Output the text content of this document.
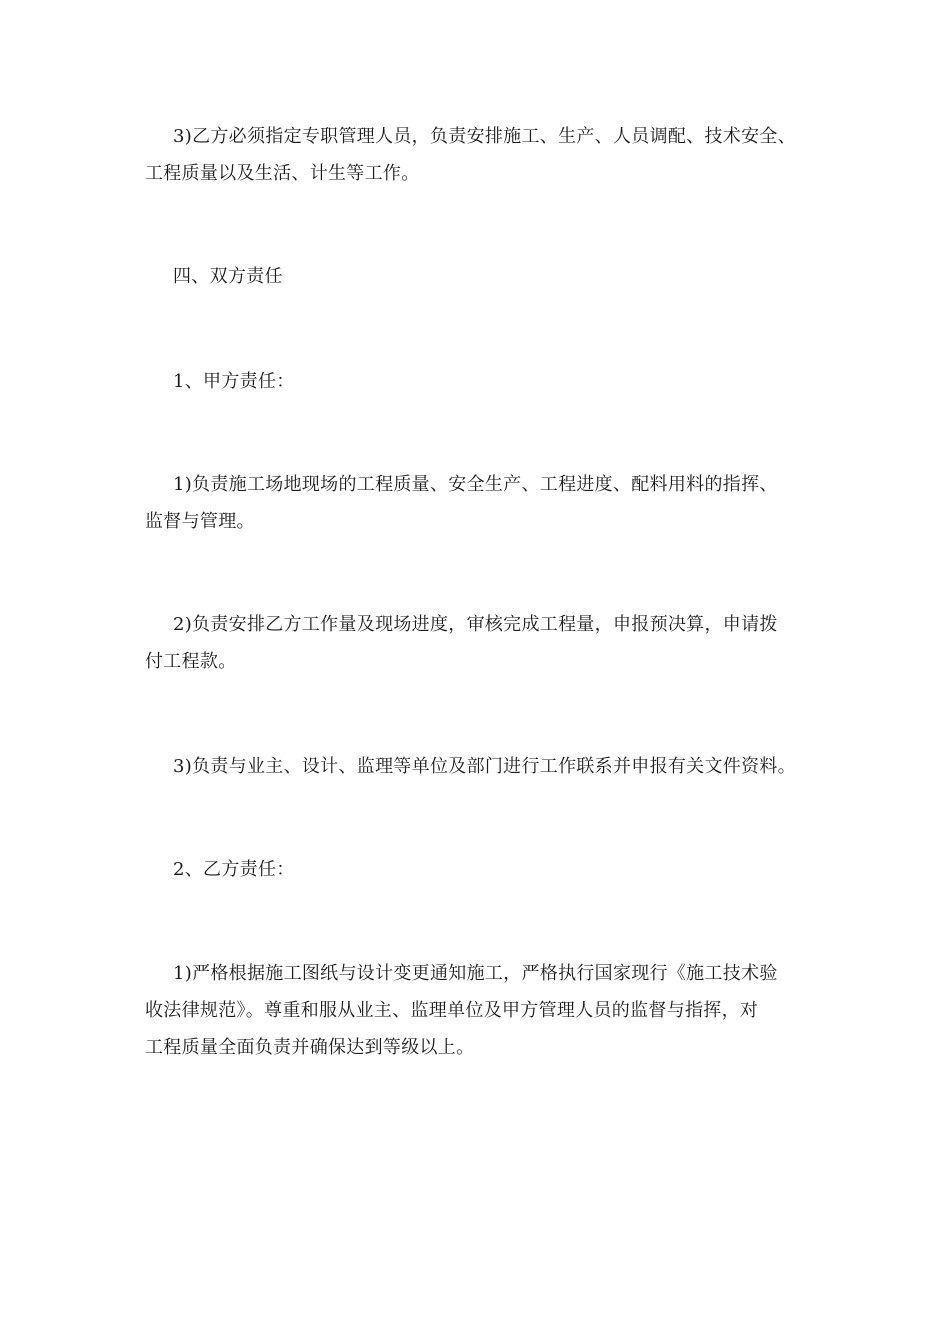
3)乙方必须指定专职管理人员，负责安排施工、生产、人员调配、技术安全、
工程质量以及生活、计生等工作。

四、双方责任

1、甲方责任：

1)负责施工场地现场的工程质量、安全生产、工程进度、配料用料的指挥、
监督与管理。

2)负责安排乙方工作量及现场进度，审核完成工程量，申报预决算，申请拨
付工程款。

3)负责与业主、设计、监理等单位及部门进行工作联系并申报有关文件资料。

2、乙方责任：

1)严格根据施工图纸与设计变更通知施工，严格执行国家现行《施工技术验
收法律规范》。尊重和服从业主、监理单位及甲方管理人员的监督与指挥，对
工程质量全面负责并确保达到等级以上。
